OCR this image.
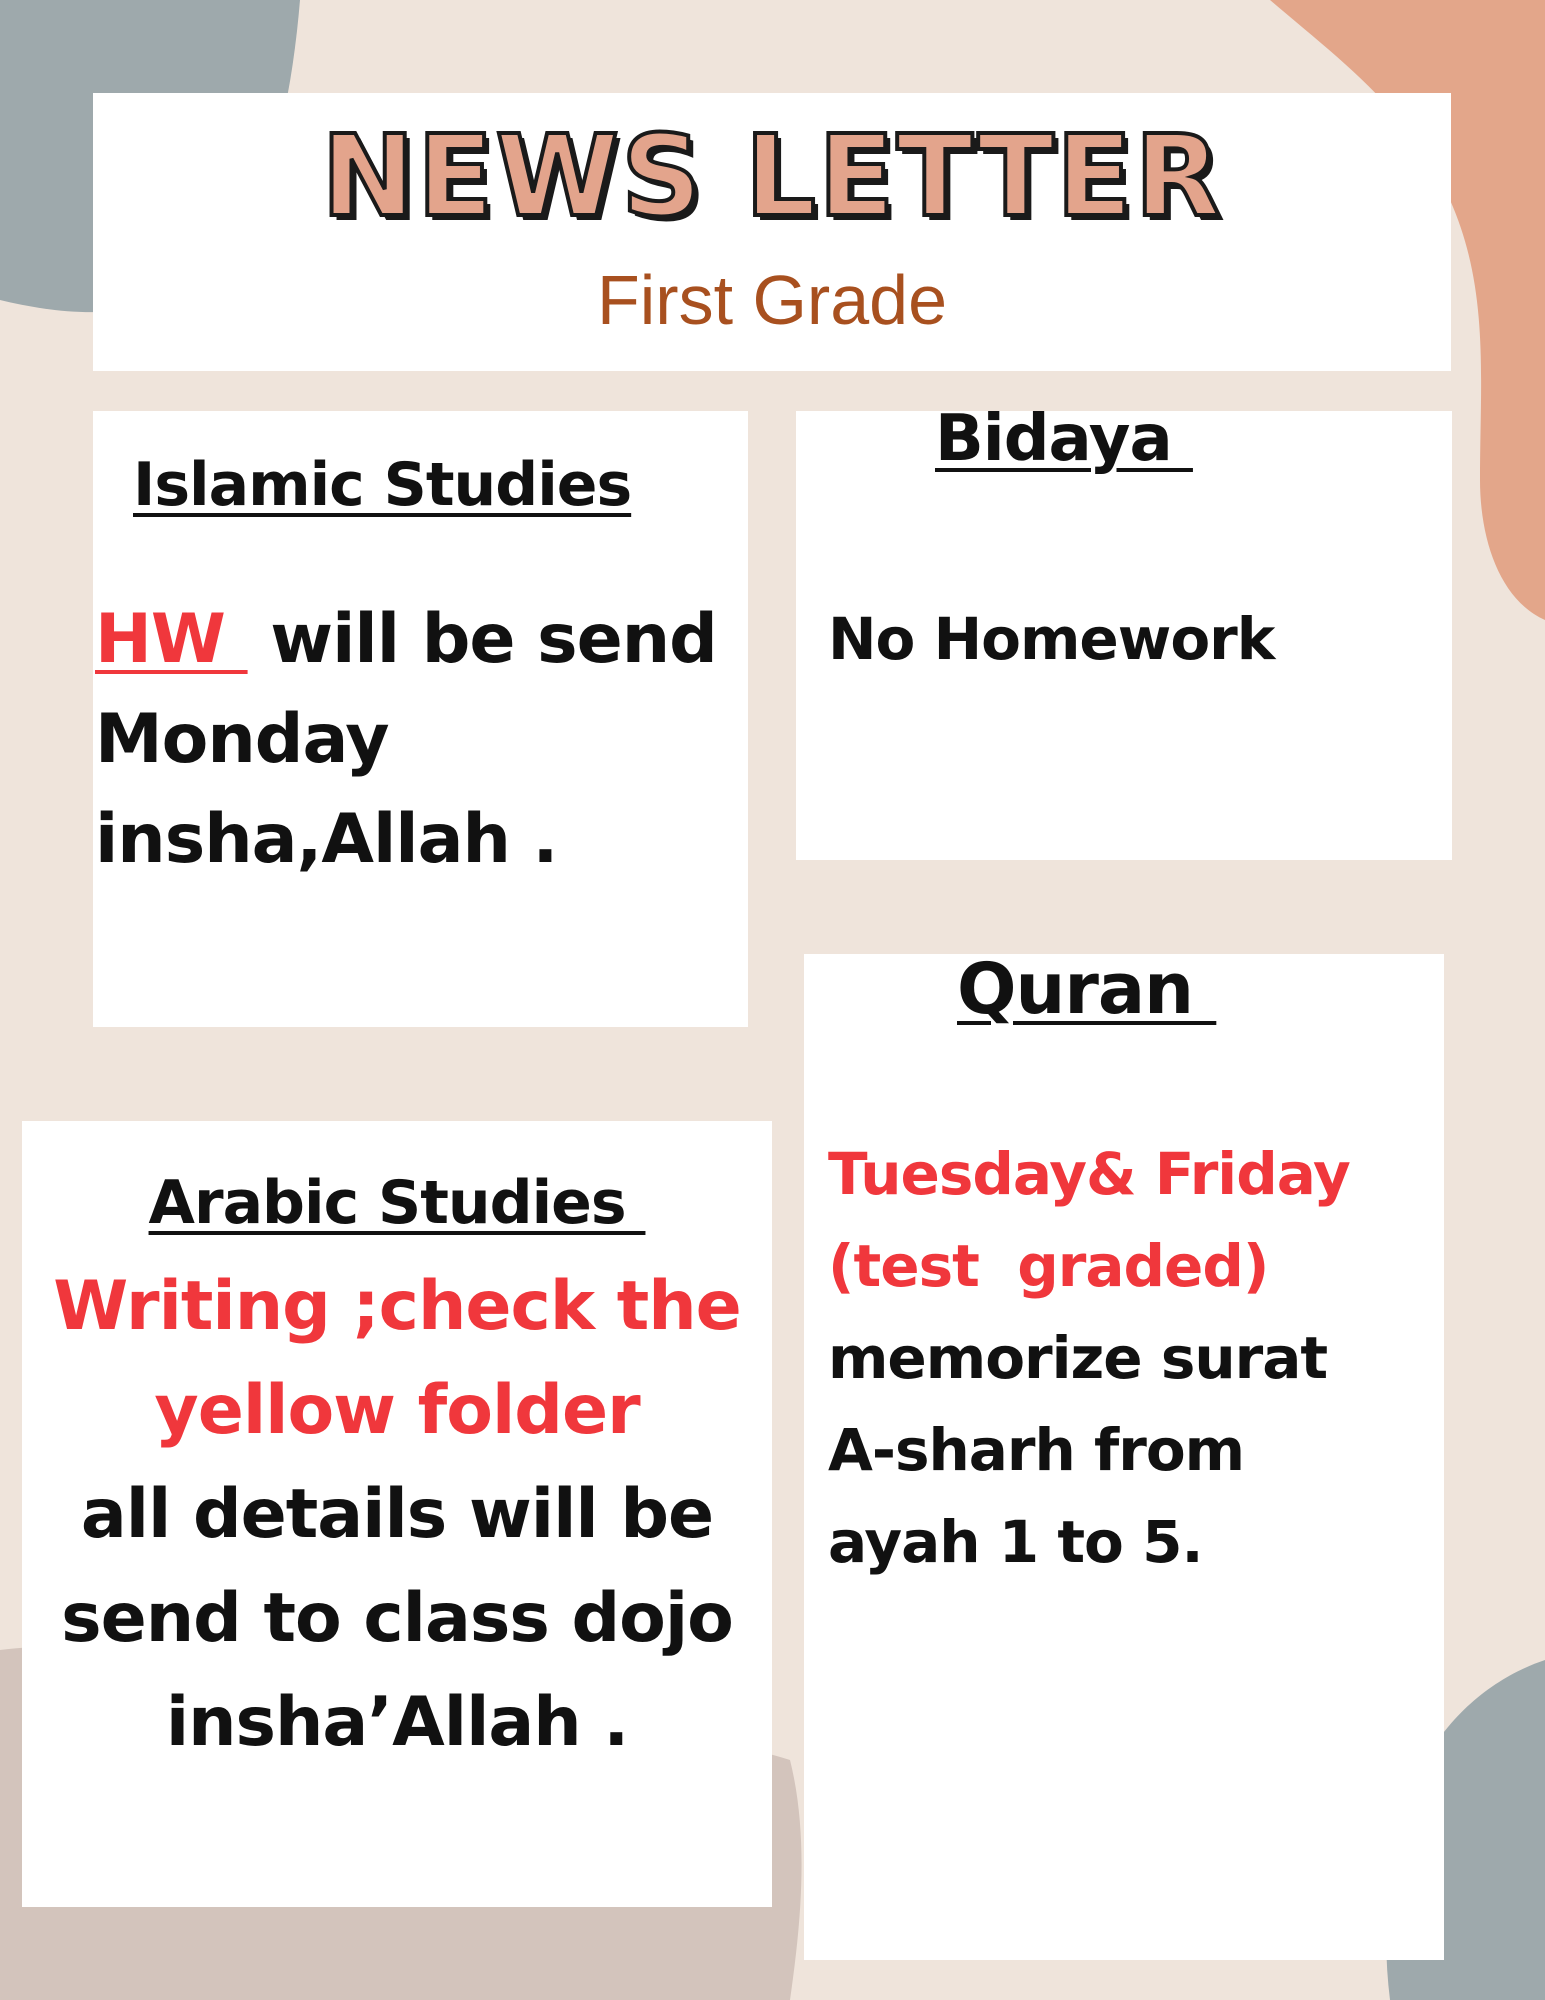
NEWS LETTER
First Grade
Islamic Studies
HW  will be send
Monday
insha,Allah .
Bidaya
No Homework
Quran
Tuesday& Friday
(test  graded)
memorize surat
A-sharh from
ayah 1 to 5.
Arabic Studies
Writing ;check the
yellow folder
all details will be
send to class dojo
insha’Allah .
